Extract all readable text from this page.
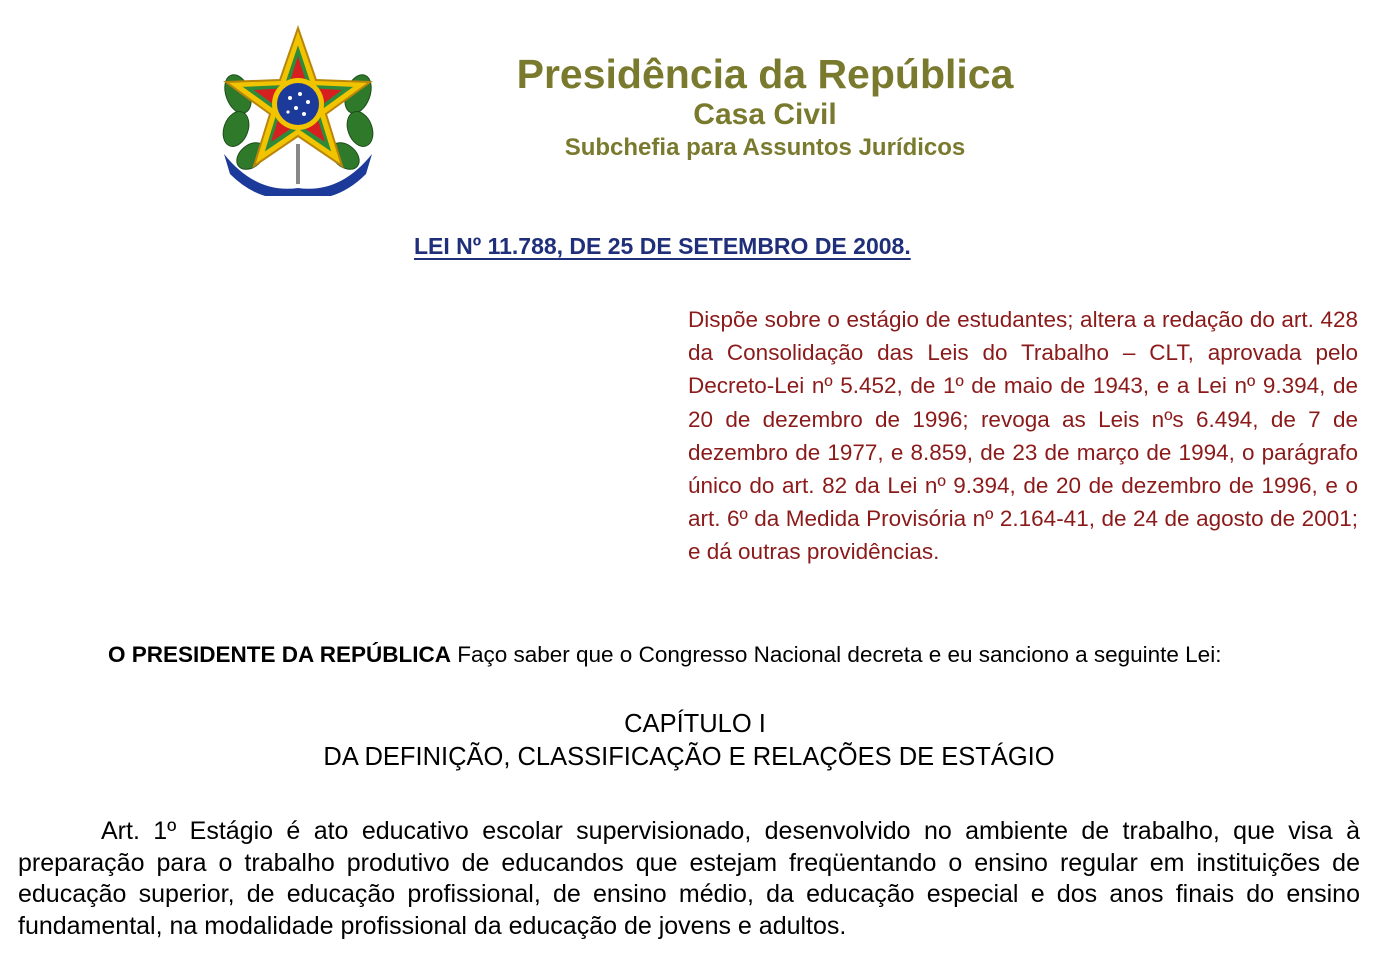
Presidência da República
Casa Civil
Subchefia para Assuntos Jurídicos
LEI Nº 11.788, DE 25 DE SETEMBRO DE 2008.
Dispõe sobre o estágio de estudantes; altera a redação do art. 428 da Consolidação das Leis do Trabalho – CLT, aprovada pelo Decreto-Lei nº 5.452, de 1º de maio de 1943, e a Lei nº 9.394, de 20 de dezembro de 1996; revoga as Leis nºs 6.494, de 7 de dezembro de 1977, e 8.859, de 23 de março de 1994, o parágrafo único do art. 82 da Lei nº 9.394, de 20 de dezembro de 1996, e o art. 6º da Medida Provisória nº 2.164-41, de 24 de agosto de 2001; e dá outras providências.
O PRESIDENTE DA REPÚBLICA Faço saber que o Congresso Nacional decreta e eu sanciono a seguinte Lei:
CAPÍTULO I
DA DEFINIÇÃO, CLASSIFICAÇÃO E RELAÇÕES DE ESTÁGIO
Art. 1º Estágio é ato educativo escolar supervisionado, desenvolvido no ambiente de trabalho, que visa à preparação para o trabalho produtivo de educandos que estejam freqüentando o ensino regular em instituições de educação superior, de educação profissional, de ensino médio, da educação especial e dos anos finais do ensino fundamental, na modalidade profissional da educação de jovens e adultos.
